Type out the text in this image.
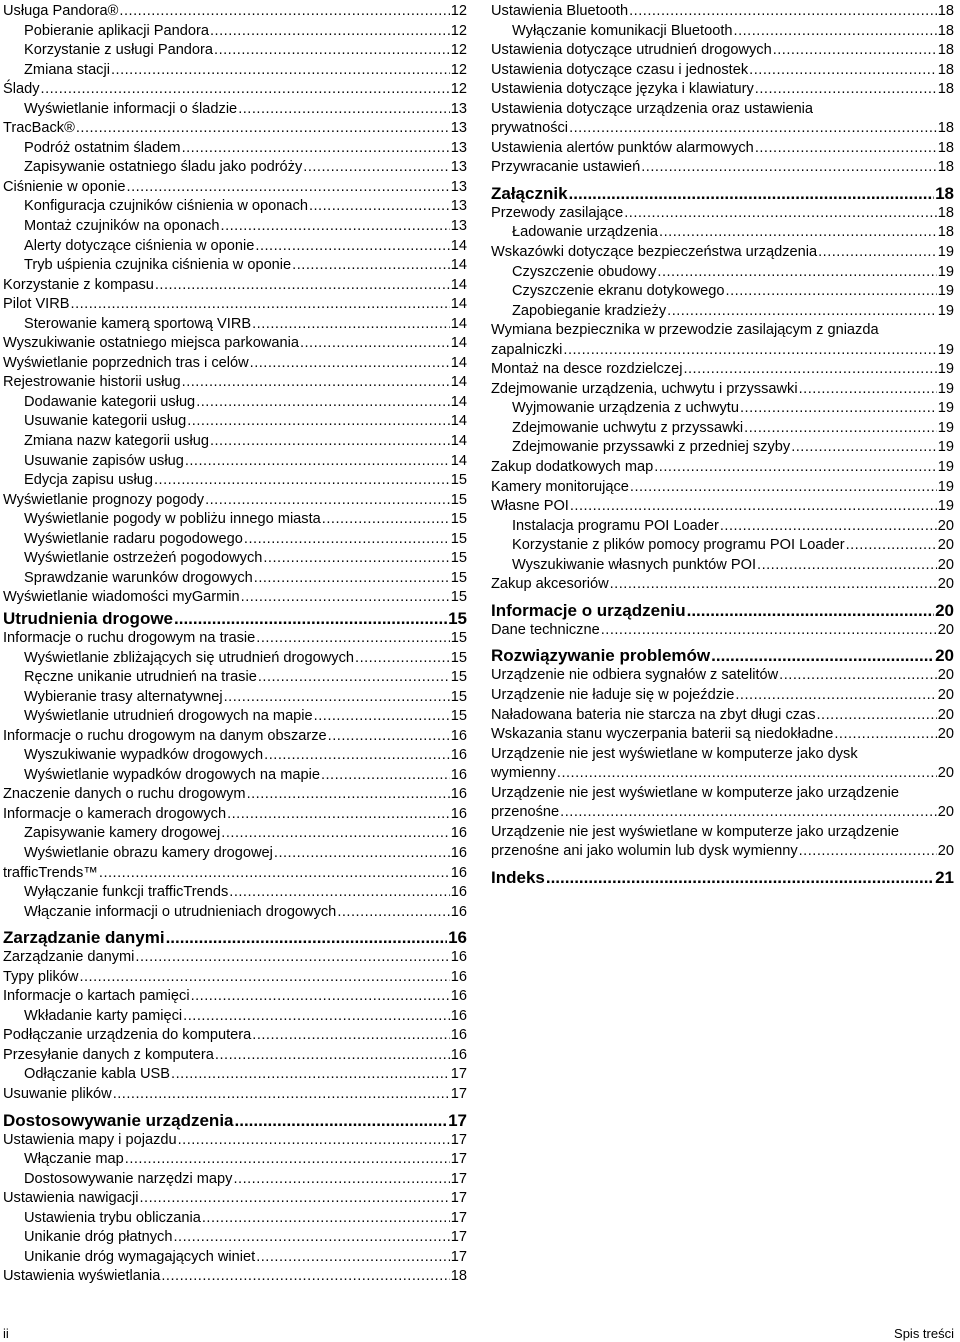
Usługa Pandora® .....	12
Pobieranie aplikacji Pandora .....	12
Korzystanie z usługi Pandora .....	12
Zmiana stacji .....	12
Ślady .....	12
Wyświetlanie informacji o śladzie .....	13
TracBack® .....	13
Podróż ostatnim śladem .....	13
Zapisywanie ostatniego śladu jako podróży .....	13
Ciśnienie w oponie .....	13
Konfiguracja czujników ciśnienia w oponach .....	13
Montaż czujników na oponach .....	13
Alerty dotyczące ciśnienia w oponie .....	14
Tryb uśpienia czujnika ciśnienia w oponie .....	14
Korzystanie z kompasu .....	14
Pilot VIRB .....	14
Sterowanie kamerą sportową VIRB .....	14
Wyszukiwanie ostatniego miejsca parkowania .....	14
Wyświetlanie poprzednich tras i celów .....	14
Rejestrowanie historii usług .....	14
Dodawanie kategorii usług .....	14
Usuwanie kategorii usług .....	14
Zmiana nazw kategorii usług .....	14
Usuwanie zapisów usług .....	14
Edycja zapisu usług .....	15
Wyświetlanie prognozy pogody .....	15
Wyświetlanie pogody w pobliżu innego miasta .....	15
Wyświetlanie radaru pogodowego .....	15
Wyświetlanie ostrzeżeń pogodowych .....	15
Sprawdzanie warunków drogowych .....	15
Wyświetlanie wiadomości myGarmin .....	15
Utrudnienia drogowe .....	15
Informacje o ruchu drogowym na trasie .....	15
Wyświetlanie zbliżających się utrudnień drogowych .....	15
Ręczne unikanie utrudnień na trasie .....	15
Wybieranie trasy alternatywnej .....	15
Wyświetlanie utrudnień drogowych na mapie .....	15
Informacje o ruchu drogowym na danym obszarze .....	16
Wyszukiwanie wypadków drogowych .....	16
Wyświetlanie wypadków drogowych na mapie .....	16
Znaczenie danych o ruchu drogowym .....	16
Informacje o kamerach drogowych .....	16
Zapisywanie kamery drogowej .....	16
Wyświetlanie obrazu kamery drogowej .....	16
trafficTrends™ .....	16
Wyłączanie funkcji trafficTrends .....	16
Włączanie informacji o utrudnieniach drogowych .....	16
Zarządzanie danymi .....	16
Zarządzanie danymi .....	16
Typy plików .....	16
Informacje o kartach pamięci .....	16
Wkładanie karty pamięci .....	16
Podłączanie urządzenia do komputera .....	16
Przesyłanie danych z komputera .....	16
Odłączanie kabla USB .....	17
Usuwanie plików .....	17
Dostosowywanie urządzenia .....	17
Ustawienia mapy i pojazdu .....	17
Włączanie map .....	17
Dostosowywanie narzędzi mapy .....	17
Ustawienia nawigacji .....	17
Ustawienia trybu obliczania .....	17
Unikanie dróg płatnych .....	17
Unikanie dróg wymagających winiet .....	17
Ustawienia wyświetlania .....	18
Ustawienia Bluetooth .....	18
Wyłączanie komunikacji Bluetooth .....	18
Ustawienia dotyczące utrudnień drogowych .....	18
Ustawienia dotyczące czasu i jednostek .....	18
Ustawienia dotyczące języka i klawiatury .....	18
Ustawienia dotyczące urządzenia oraz ustawienia
prywatności .....	18
Ustawienia alertów punktów alarmowych .....	18
Przywracanie ustawień .....	18
Załącznik .....	18
Przewody zasilające .....	18
Ładowanie urządzenia .....	18
Wskazówki dotyczące bezpieczeństwa urządzenia .....	19
Czyszczenie obudowy .....	19
Czyszczenie ekranu dotykowego .....	19
Zapobieganie kradzieży .....	19
Wymiana bezpiecznika w przewodzie zasilającym z gniazda
zapalniczki .....	19
Montaż na desce rozdzielczej .....	19
Zdejmowanie urządzenia, uchwytu i przyssawki .....	19
Wyjmowanie urządzenia z uchwytu .....	19
Zdejmowanie uchwytu z przyssawki .....	19
Zdejmowanie przyssawki z przedniej szyby .....	19
Zakup dodatkowych map .....	19
Kamery monitorujące .....	19
Własne POI .....	19
Instalacja programu POI Loader .....	20
Korzystanie z plików pomocy programu POI Loader .....	20
Wyszukiwanie własnych punktów POI .....	20
Zakup akcesoriów .....	20
Informacje o urządzeniu .....	20
Dane techniczne .....	20
Rozwiązywanie problemów .....	20
Urządzenie nie odbiera sygnałów z satelitów .....	20
Urządzenie nie ładuje się w pojeździe .....	20
Naładowana bateria nie starcza na zbyt długi czas .....	20
Wskazania stanu wyczerpania baterii są niedokładne .....	20
Urządzenie nie jest wyświetlane w komputerze jako dysk
wymienny .....	20
Urządzenie nie jest wyświetlane w komputerze jako urządzenie
przenośne .....	20
Urządzenie nie jest wyświetlane w komputerze jako urządzenie
przenośne ani jako wolumin lub dysk wymienny .....	20
Indeks .....	21
ii	Spis treści
